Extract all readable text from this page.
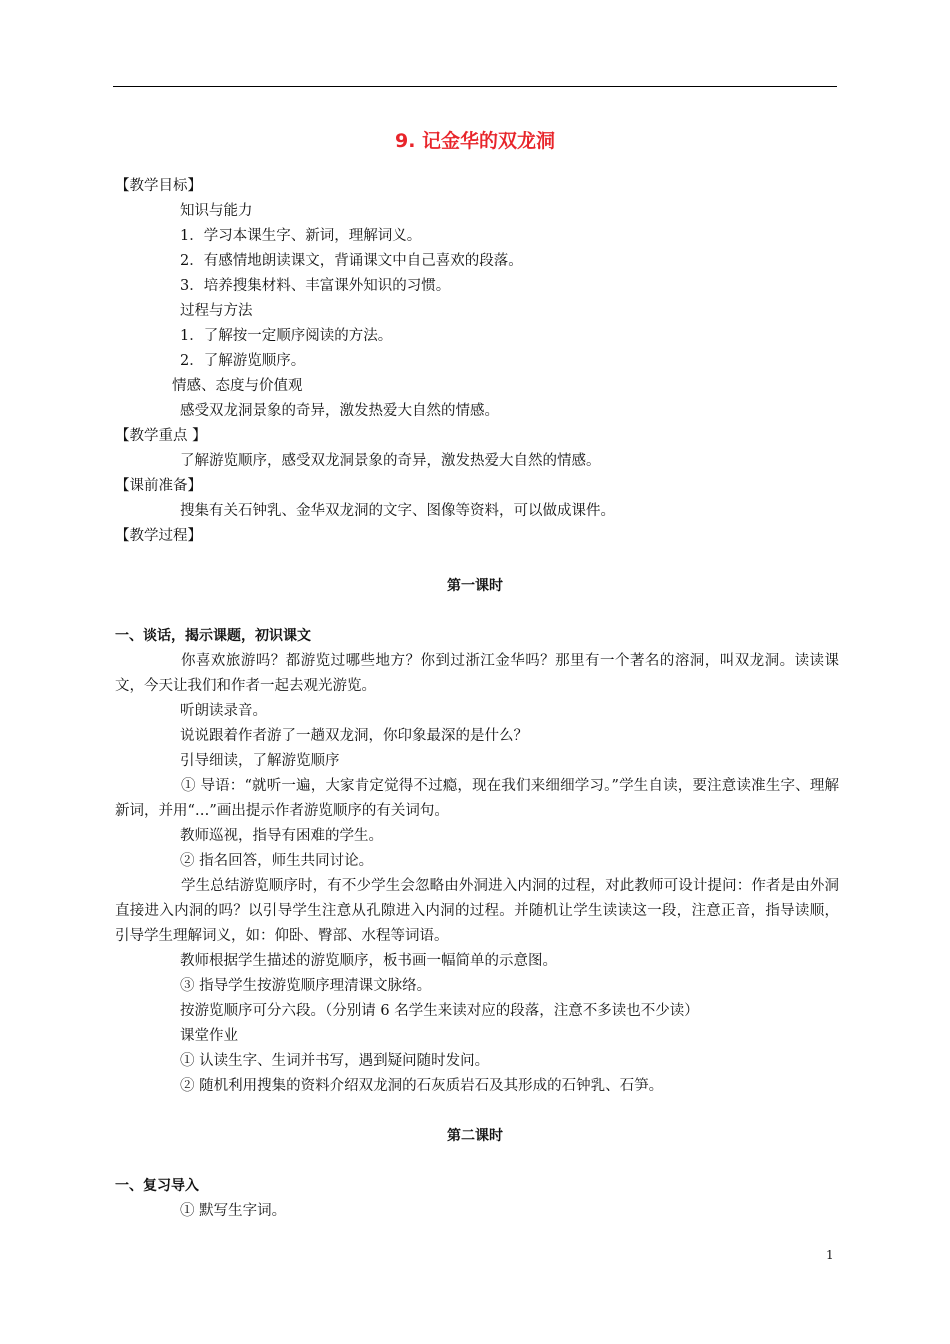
9. 记金华的双龙洞
【教学目标】
知识与能力
1．学习本课生字、新词，理解词义。
2．有感情地朗读课文，背诵课文中自己喜欢的段落。
3．培养搜集材料、丰富课外知识的习惯。
过程与方法
1．了解按一定顺序阅读的方法。
2．了解游览顺序。
情感、态度与价值观
感受双龙洞景象的奇异，激发热爱大自然的情感。
【教学重点 】
了解游览顺序，感受双龙洞景象的奇异，激发热爱大自然的情感。
【课前准备】
搜集有关石钟乳、金华双龙洞的文字、图像等资料，可以做成课件。
【教学过程】
第一课时
一、谈话，揭示课题，初识课文
你喜欢旅游吗？都游览过哪些地方？你到过浙江金华吗？那里有一个著名的溶洞，叫双龙洞。读读课文，今天让我们和作者一起去观光游览。
听朗读录音。
说说跟着作者游了一趟双龙洞，你印象最深的是什么？
引导细读，了解游览顺序
① 导语：“就听一遍，大家肯定觉得不过瘾，现在我们来细细学习。”学生自读，要注意读准生字、理解新词，并用“…”画出提示作者游览顺序的有关词句。
教师巡视，指导有困难的学生。
② 指名回答，师生共同讨论。
学生总结游览顺序时，有不少学生会忽略由外洞进入内洞的过程，对此教师可设计提问：作者是由外洞直接进入内洞的吗？以引导学生注意从孔隙进入内洞的过程。并随机让学生读读这一段，注意正音，指导读顺，引导学生理解词义，如：仰卧、臀部、水程等词语。
教师根据学生描述的游览顺序，板书画一幅简单的示意图。
③ 指导学生按游览顺序理清课文脉络。
按游览顺序可分六段。（分别请 6 名学生来读对应的段落，注意不多读也不少读）
课堂作业
① 认读生字、生词并书写，遇到疑问随时发问。
② 随机利用搜集的资料介绍双龙洞的石灰质岩石及其形成的石钟乳、石笋。
第二课时
一、复习导入
① 默写生字词。
1
